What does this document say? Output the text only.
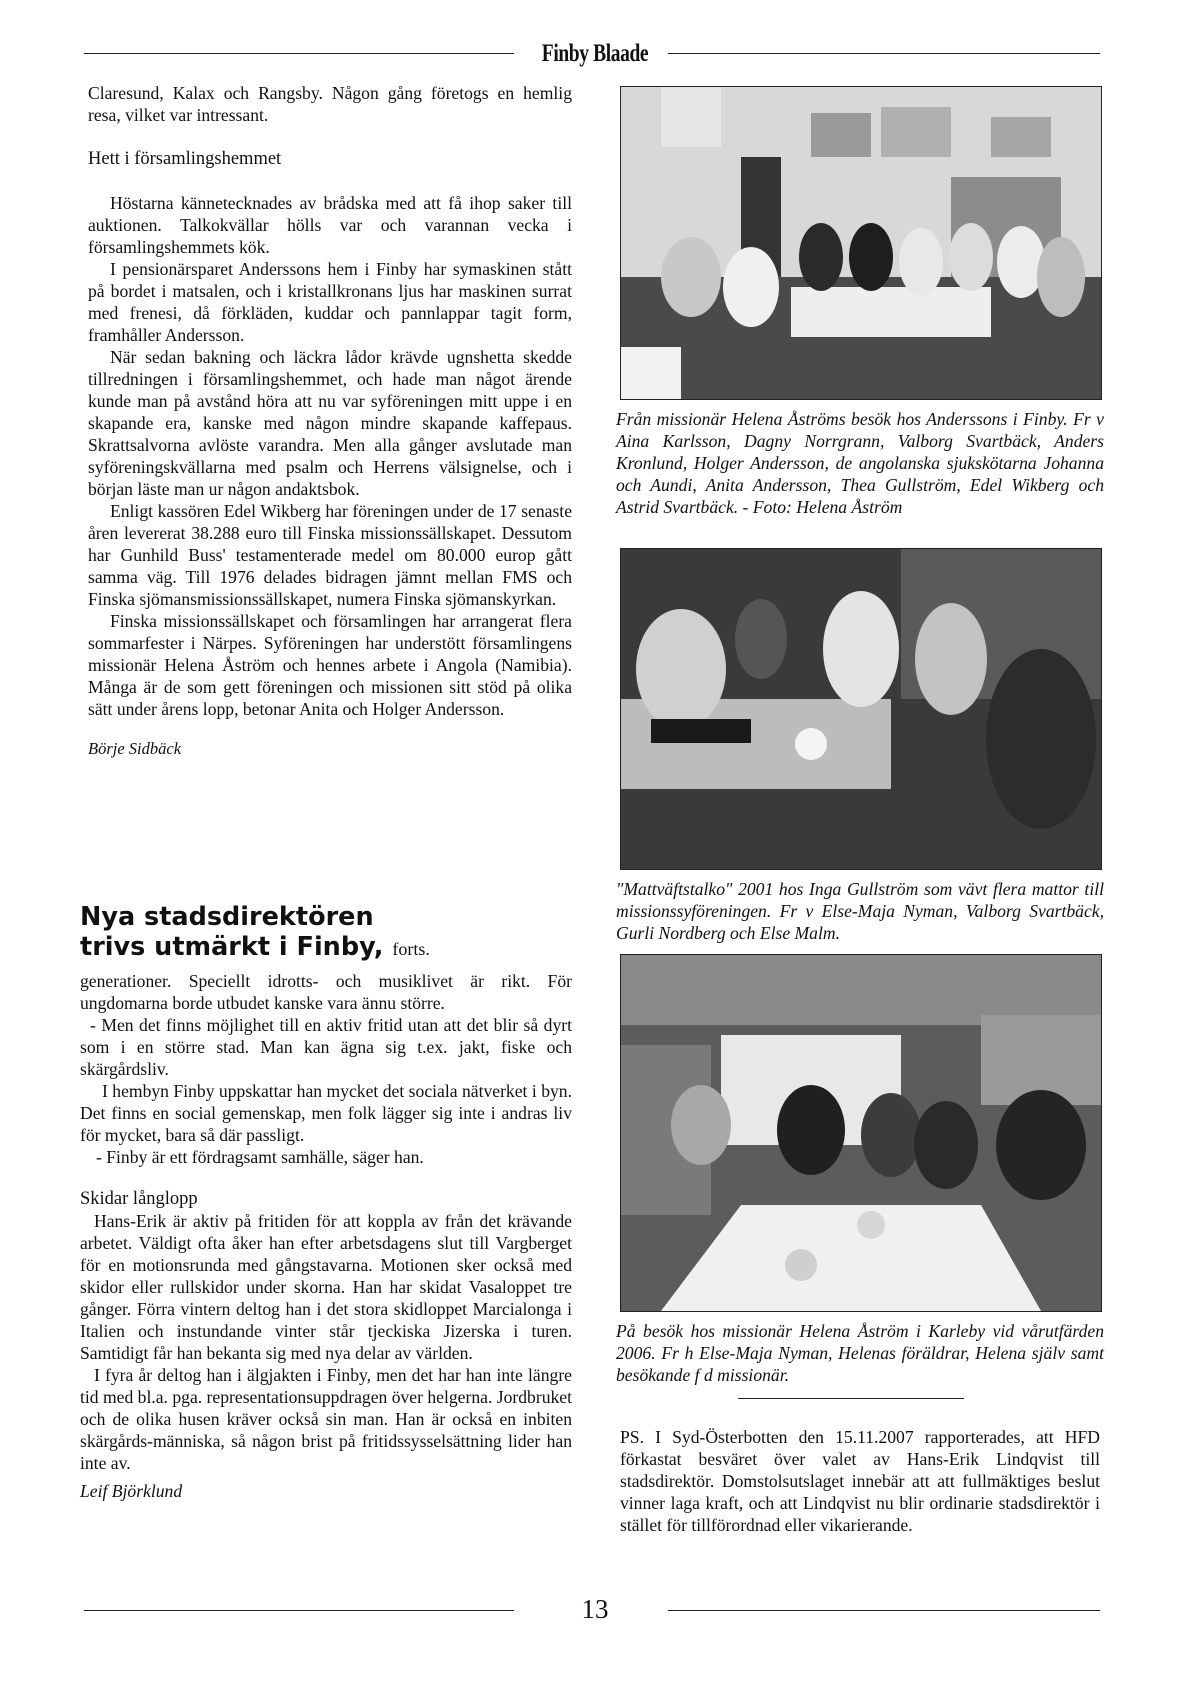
Finby Blaade

Claresund, Kalax och Rangsby. Någon gång företogs en hemlig resa, vilket var intressant.

Hett i församlingshemmet

Höstarna kännetecknades av brådska med att få ihop saker till auktionen. Talkokvällar hölls var och varannan vecka i församlingshemmets kök.

I pensionärsparet Anderssons hem i Finby har symaskinen stått på bordet i matsalen, och i kristallkronans ljus har maskinen surrat med frenesi, då förkläden, kuddar och pannlappar tagit form, framhåller Andersson.

När sedan bakning och läckra lådor krävde ugnshetta skedde tillredningen i församlingshemmet, och hade man något ärende kunde man på avstånd höra att nu var syföreningen mitt uppe i en skapande era, kanske med någon mindre skapande kaffepaus. Skrattsalvorna avlöste varandra. Men alla gånger avslutade man syföreningskvällarna med psalm och Herrens välsignelse, och i början läste man ur någon andaktsbok.

Enligt kassören Edel Wikberg har föreningen under de 17 senaste åren levererat 38.288 euro till Finska missionssällskapet. Dessutom har Gunhild Buss' testamenterade medel om 80.000 europ gått samma väg. Till 1976 delades bidragen jämnt mellan FMS och Finska sjömansmissionssällskapet, numera Finska sjömanskyrkan.

Finska missionssällskapet och församlingen har arrangerat flera sommarfester i Närpes. Syföreningen har understött församlingens missionär Helena Åström och hennes arbete i Angola (Namibia). Många är de som gett föreningen och missionen sitt stöd på olika sätt under årens lopp, betonar Anita och Holger Andersson.

Börje Sidbäck

Nya stadsdirektören
trivs utmärkt i Finby, forts.

generationer. Speciellt idrotts- och musiklivet är rikt. För ungdomarna borde utbudet kanske vara ännu större.

- Men det finns möjlighet till en aktiv fritid utan att det blir så dyrt som i en större stad. Man kan ägna sig t.ex. jakt, fiske och skärgårdsliv.

I hembyn Finby uppskattar han mycket det sociala nätverket i byn. Det finns en social gemenskap, men folk lägger sig inte i andras liv för mycket, bara så där passligt.

- Finby är ett fördragsamt samhälle, säger han.

Skidar långlopp

Hans-Erik är aktiv på fritiden för att koppla av från det krävande arbetet. Väldigt ofta åker han efter arbetsdagens slut till Vargberget för en motionsrunda med gångstavarna. Motionen sker också med skidor eller rullskidor under skorna. Han har skidat Vasaloppet tre gånger. Förra vintern deltog han i det stora skidloppet Marcialonga i Italien och instundande vinter står tjeckiska Jizerska i turen. Samtidigt får han bekanta sig med nya delar av världen.

I fyra år deltog han i älgjakten i Finby, men det har han inte längre tid med bl.a. pga. representationsuppdragen över helgerna. Jordbruket och de olika husen kräver också sin man. Han är också en inbiten skärgårds-människa, så någon brist på fritidssysselsättning lider han inte av.

Leif Björklund

Från missionär Helena Åströms besök hos Anderssons i Finby. Fr v Aina Karlsson, Dagny Norrgrann, Valborg Svartbäck, Anders Kronlund, Holger Andersson, de angolanska sjukskötarna Johanna och Aundi, Anita Andersson, Thea Gullström, Edel Wikberg och Astrid Svartbäck. - Foto: Helena Åström
"Mattväftstalko" 2001 hos Inga Gullström som vävt flera mattor till missionssyföreningen. Fr v Else-Maja Nyman, Valborg Svartbäck, Gurli Nordberg och Else Malm.
På besök hos missionär Helena Åström i Karleby vid vårutfärden 2006. Fr h Else-Maja Nyman, Helenas föräldrar, Helena själv samt besökande f d missionär.

PS. I Syd-Österbotten den 15.11.2007 rapporterades, att HFD förkastat besväret över valet av Hans-Erik Lindqvist till stadsdirektör. Domstolsutslaget innebär att att fullmäktiges beslut vinner laga kraft, och att Lindqvist nu blir ordinarie stadsdirektör i stället för tillförordnad eller vikarierande.

13
